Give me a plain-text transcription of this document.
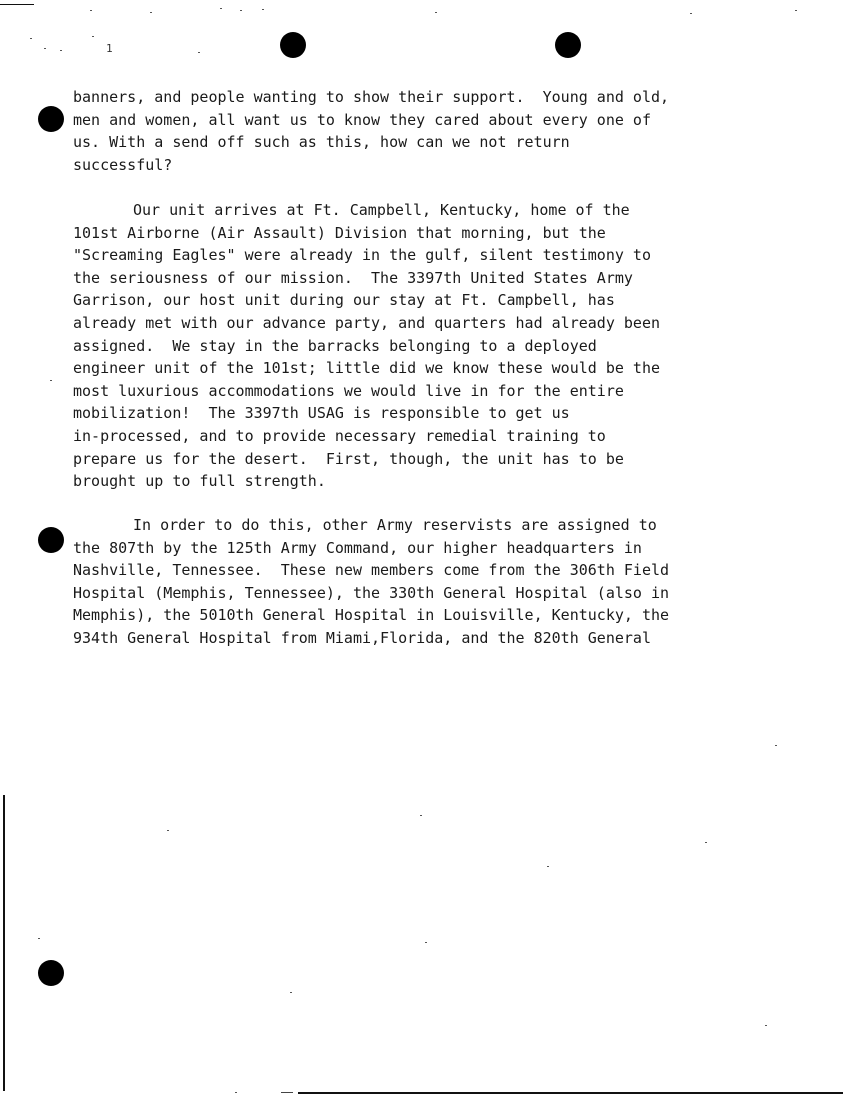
1
banners, and people wanting to show their support.  Young and old,
men and women, all want us to know they cared about every one of
us. With a send off such as this, how can we not return
successful?
Our unit arrives at Ft. Campbell, Kentucky, home of the
101st Airborne (Air Assault) Division that morning, but the
"Screaming Eagles" were already in the gulf, silent testimony to
the seriousness of our mission.  The 3397th United States Army
Garrison, our host unit during our stay at Ft. Campbell, has
already met with our advance party, and quarters had already been
assigned.  We stay in the barracks belonging to a deployed
engineer unit of the 101st; little did we know these would be the
most luxurious accommodations we would live in for the entire
mobilization!  The 3397th USAG is responsible to get us
in-processed, and to provide necessary remedial training to
prepare us for the desert.  First, though, the unit has to be
brought up to full strength.
In order to do this, other Army reservists are assigned to
the 807th by the 125th Army Command, our higher headquarters in
Nashville, Tennessee.  These new members come from the 306th Field
Hospital (Memphis, Tennessee), the 330th General Hospital (also in
Memphis), the 5010th General Hospital in Louisville, Kentucky, the
934th General Hospital from Miami,Florida, and the 820th General
